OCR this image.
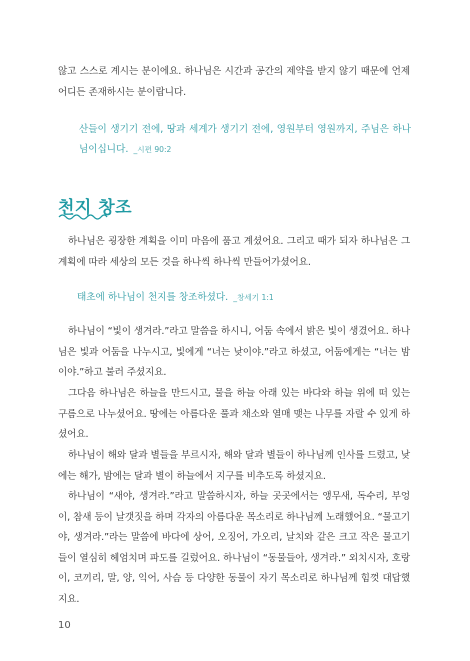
않고 스스로 계시는 분이에요. 하나님은 시간과 공간의 제약을 받지 않기 때문에 언제 어디든 존재하시는 분이랍니다.

산들이 생기기 전에, 땅과 세계가 생기기 전에, 영원부터 영원까지, 주님은 하나님이십니다. _시편 90:2

천지 창조

하나님은 굉장한 계획을 이미 마음에 품고 계셨어요. 그리고 때가 되자 하나님은 그 계획에 따라 세상의 모든 것을 하나씩 하나씩 만들어가셨어요.

태초에 하나님이 천지를 창조하셨다. _창세기 1:1

하나님이 “빛이 생겨라.”라고 말씀을 하시니, 어둠 속에서 밝은 빛이 생겼어요. 하나님은 빛과 어둠을 나누시고, 빛에게 “너는 낮이야.”라고 하셨고, 어둠에게는 “너는 밤이야.”하고 불러 주셨지요.

그다음 하나님은 하늘을 만드시고, 물을 하늘 아래 있는 바다와 하늘 위에 떠 있는 구름으로 나누셨어요. 땅에는 아름다운 풀과 채소와 열매 맺는 나무를 자랄 수 있게 하셨어요.

하나님이 해와 달과 별들을 부르시자, 해와 달과 별들이 하나님께 인사를 드렸고, 낮에는 해가, 밤에는 달과 별이 하늘에서 지구를 비추도록 하셨지요.

하나님이 “새야, 생겨라.”라고 말씀하시자, 하늘 곳곳에서는 앵무새, 독수리, 부엉이, 참새 등이 날갯짓을 하며 각자의 아름다운 목소리로 하나님께 노래했어요. “물고기야, 생겨라.”라는 말씀에 바다에 상어, 오징어, 가오리, 날치와 같은 크고 작은 물고기들이 열심히 헤엄치며 파도를 길렀어요. 하나님이 “동물들아, 생겨라.” 외치시자, 호랑이, 코끼리, 말, 양, 익어, 사슴 등 다양한 동물이 자기 목소리로 하나님께 힘껏 대답했지요.

10
